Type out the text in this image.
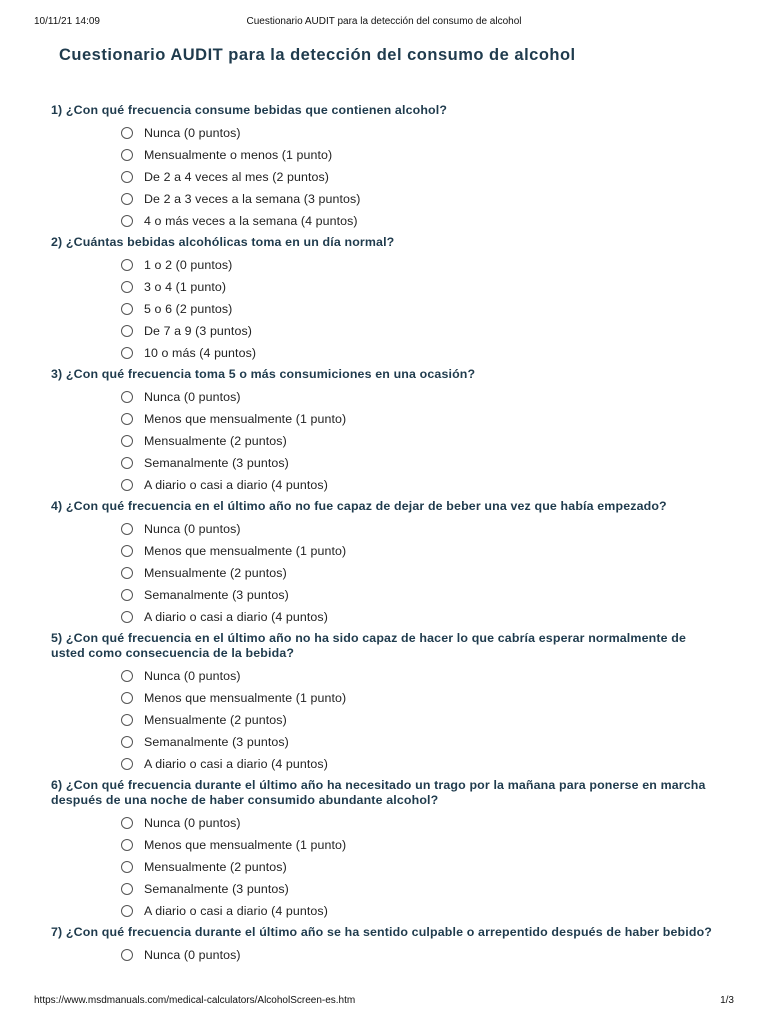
10/11/21 14:09	Cuestionario AUDIT para la detección del consumo de alcohol
Cuestionario AUDIT para la detección del consumo de alcohol
1) ¿Con qué frecuencia consume bebidas que contienen alcohol?
Nunca (0 puntos)
Mensualmente o menos (1 punto)
De 2 a 4 veces al mes (2 puntos)
De 2 a 3 veces a la semana (3 puntos)
4 o más veces a la semana (4 puntos)
2) ¿Cuántas bebidas alcohólicas toma en un día normal?
1 o 2 (0 puntos)
3 o 4 (1 punto)
5 o 6 (2 puntos)
De 7 a 9 (3 puntos)
10 o más (4 puntos)
3) ¿Con qué frecuencia toma 5 o más consumiciones en una ocasión?
Nunca (0 puntos)
Menos que mensualmente (1 punto)
Mensualmente (2 puntos)
Semanalmente (3 puntos)
A diario o casi a diario (4 puntos)
4) ¿Con qué frecuencia en el último año no fue capaz de dejar de beber una vez que había empezado?
Nunca (0 puntos)
Menos que mensualmente (1 punto)
Mensualmente (2 puntos)
Semanalmente (3 puntos)
A diario o casi a diario (4 puntos)
5) ¿Con qué frecuencia en el último año no ha sido capaz de hacer lo que cabría esperar normalmente de usted como consecuencia de la bebida?
Nunca (0 puntos)
Menos que mensualmente (1 punto)
Mensualmente (2 puntos)
Semanalmente (3 puntos)
A diario o casi a diario (4 puntos)
6) ¿Con qué frecuencia durante el último año ha necesitado un trago por la mañana para ponerse en marcha después de una noche de haber consumido abundante alcohol?
Nunca (0 puntos)
Menos que mensualmente (1 punto)
Mensualmente (2 puntos)
Semanalmente (3 puntos)
A diario o casi a diario (4 puntos)
7) ¿Con qué frecuencia durante el último año se ha sentido culpable o arrepentido después de haber bebido?
Nunca (0 puntos)
https://www.msdmanuals.com/medical-calculators/AlcoholScreen-es.htm	1/3
